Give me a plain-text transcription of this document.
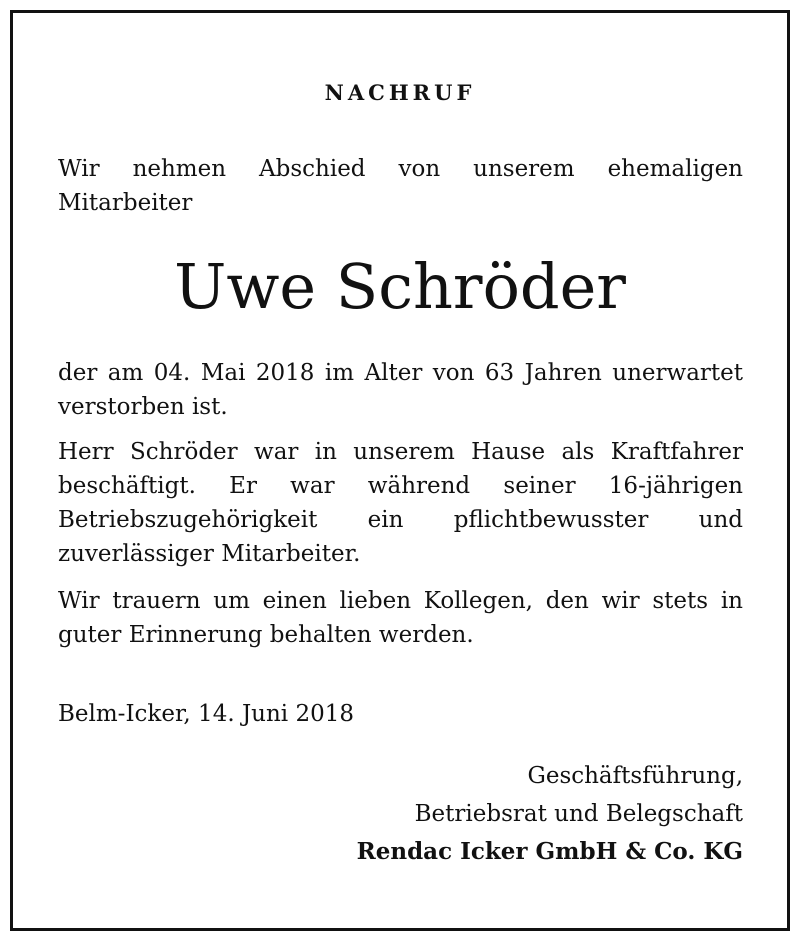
NACHRUF

Wir nehmen Abschied von unserem ehemaligen Mitarbeiter

Uwe Schröder

der am 04. Mai 2018 im Alter von 63 Jahren unerwartet verstorben ist.

Herr Schröder war in unserem Hause als Kraftfahrer beschäftigt. Er war während seiner 16-jährigen Betriebszugehörigkeit ein pflichtbewusster und zuverlässiger Mitarbeiter.

Wir trauern um einen lieben Kollegen, den wir stets in guter Erinnerung behalten werden.

Belm-Icker, 14. Juni 2018

Geschäftsführung,
Betriebsrat und Belegschaft
Rendac Icker GmbH & Co. KG
